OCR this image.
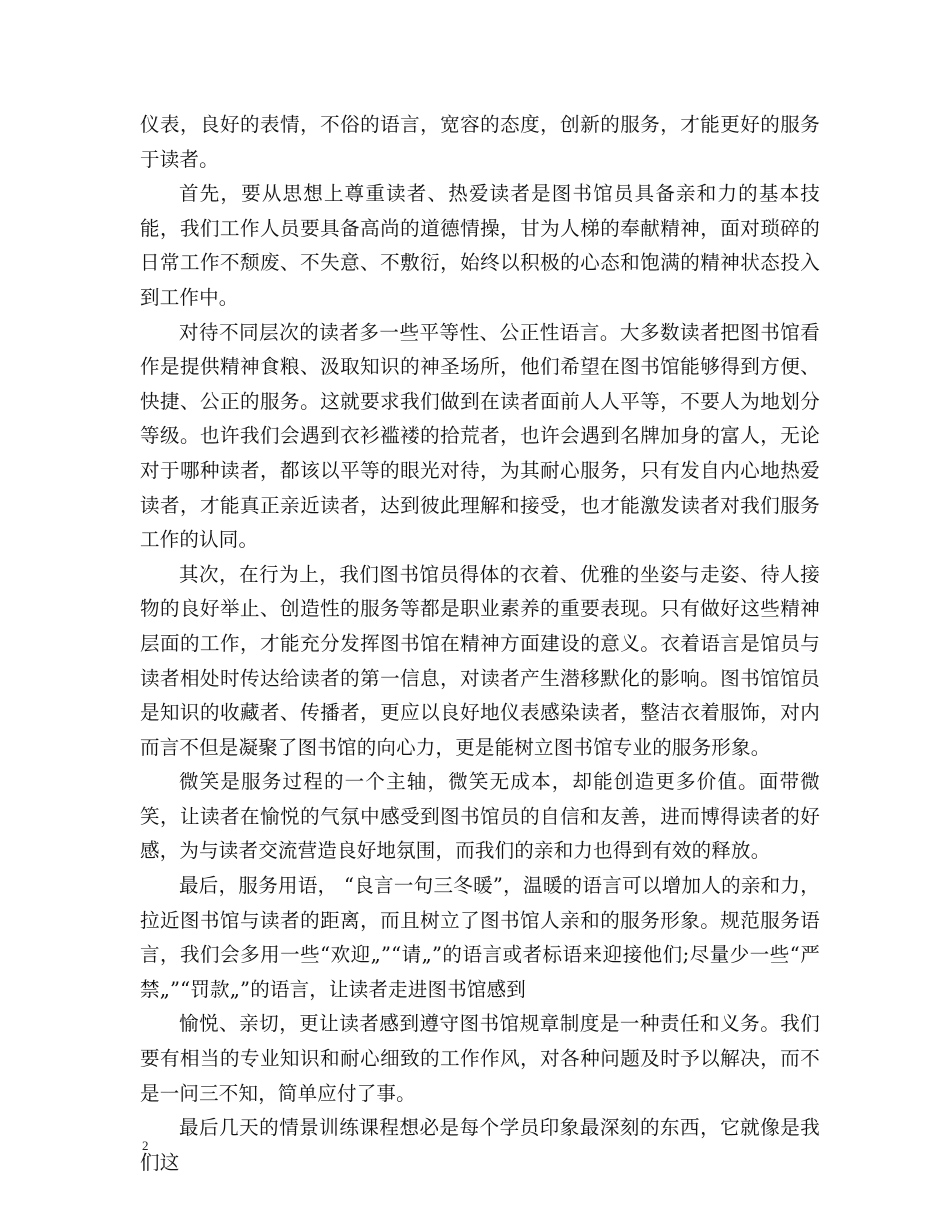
仪表，良好的表情，不俗的语言，宽容的态度，创新的服务，才能更好的服务于读者。

首先，要从思想上尊重读者、热爱读者是图书馆员具备亲和力的基本技能，我们工作人员要具备高尚的道德情操，甘为人梯的奉献精神，面对琐碎的日常工作不颓废、不失意、不敷衍，始终以积极的心态和饱满的精神状态投入到工作中。

对待不同层次的读者多一些平等性、公正性语言。大多数读者把图书馆看作是提供精神食粮、汲取知识的神圣场所，他们希望在图书馆能够得到方便、快捷、公正的服务。这就要求我们做到在读者面前人人平等，不要人为地划分等级。也许我们会遇到衣衫褴褛的拾荒者，也许会遇到名牌加身的富人，无论对于哪种读者，都该以平等的眼光对待，为其耐心服务，只有发自内心地热爱读者，才能真正亲近读者，达到彼此理解和接受，也才能激发读者对我们服务工作的认同。

其次，在行为上，我们图书馆员得体的衣着、优雅的坐姿与走姿、待人接物的良好举止、创造性的服务等都是职业素养的重要表现。只有做好这些精神层面的工作，才能充分发挥图书馆在精神方面建设的意义。衣着语言是馆员与读者相处时传达给读者的第一信息，对读者产生潜移默化的影响。图书馆馆员是知识的收藏者、传播者，更应以良好地仪表感染读者，整洁衣着服饰，对内而言不但是凝聚了图书馆的向心力，更是能树立图书馆专业的服务形象。

微笑是服务过程的一个主轴，微笑无成本，却能创造更多价值。面带微笑，让读者在愉悦的气氛中感受到图书馆员的自信和友善，进而博得读者的好感，为与读者交流营造良好地氛围，而我们的亲和力也得到有效的释放。

最后，服务用语， “良言一句三冬暖”，温暖的语言可以增加人的亲和力，拉近图书馆与读者的距离，而且树立了图书馆人亲和的服务形象。规范服务语言，我们会多用一些“欢迎„”“请„”的语言或者标语来迎接他们;尽量少一些“严禁„”“罚款„”的语言，让读者走进图书馆感到

愉悦、亲切，更让读者感到遵守图书馆规章制度是一种责任和义务。我们要有相当的专业知识和耐心细致的工作作风，对各种问题及时予以解决，而不是一问三不知，简单应付了事。

最后几天的情景训练课程想必是每个学员印象最深刻的东西，它就像是我们这

2
